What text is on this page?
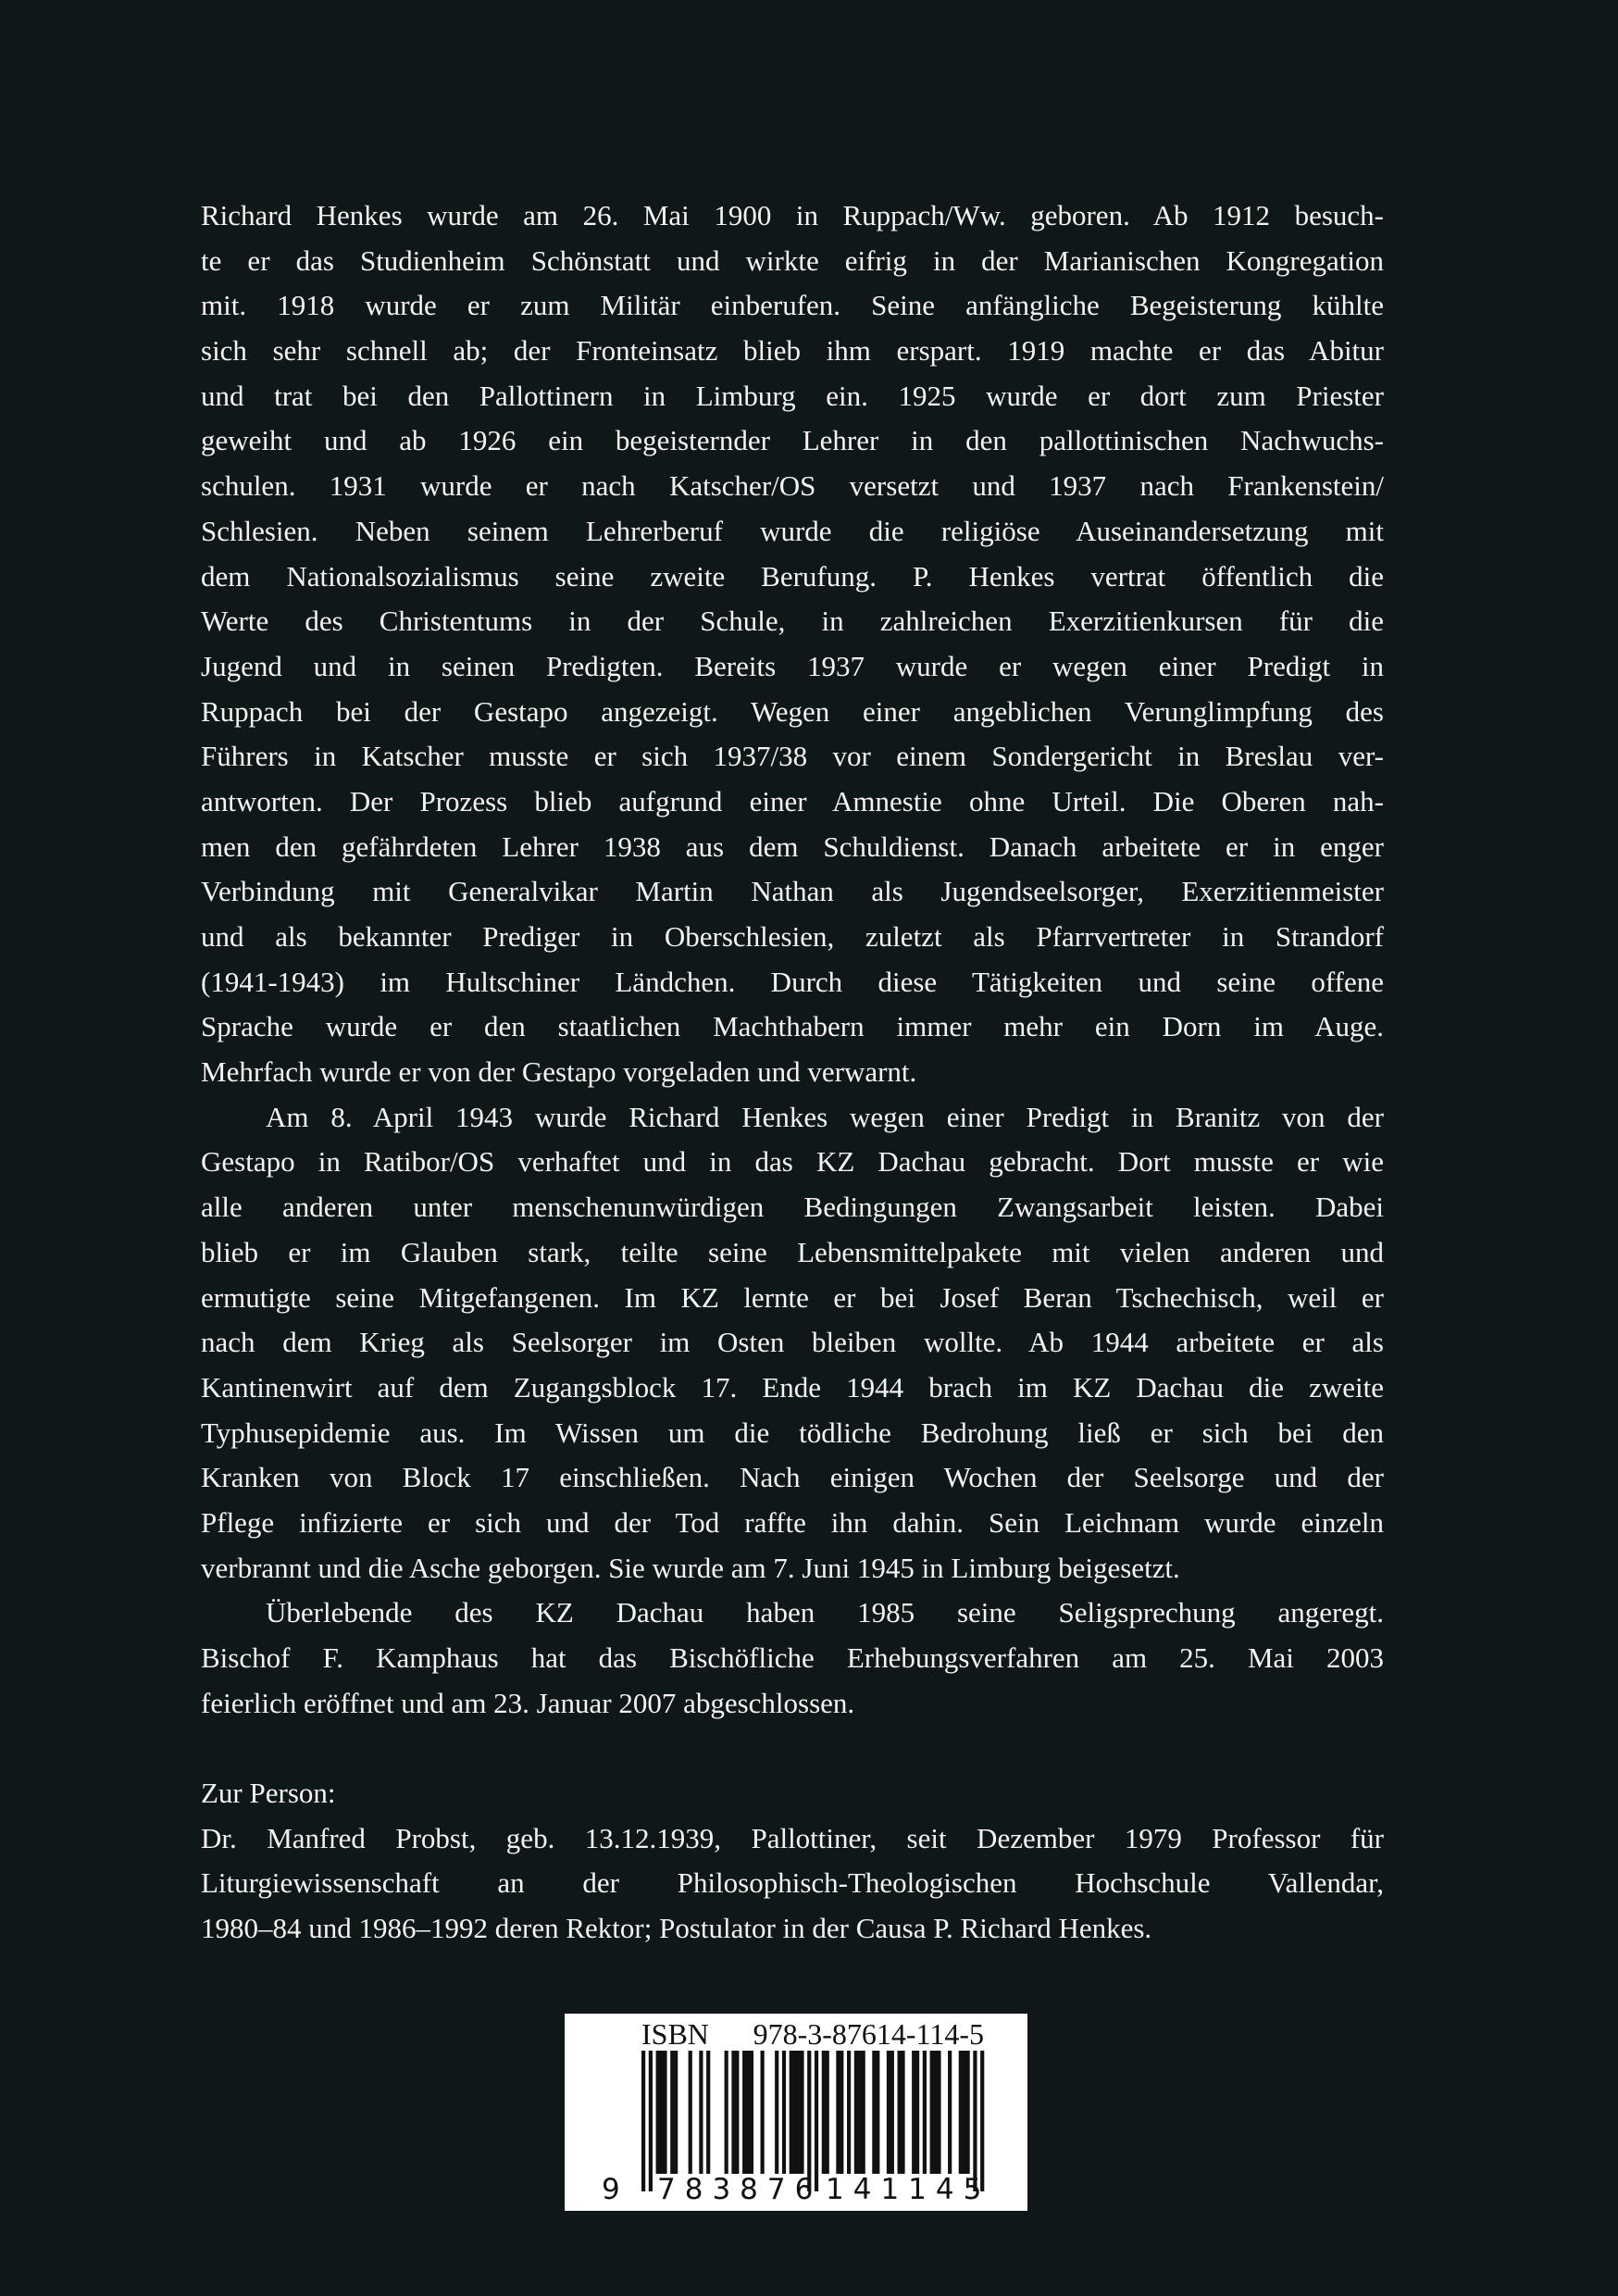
Richard Henkes wurde am 26. Mai 1900 in Ruppach/Ww. geboren. Ab 1912 besuch-
te er das Studienheim Schönstatt und wirkte eifrig in der Marianischen Kongregation
mit. 1918 wurde er zum Militär einberufen. Seine anfängliche Begeisterung kühlte
sich sehr schnell ab; der Fronteinsatz blieb ihm erspart. 1919 machte er das Abitur
und trat bei den Pallottinern in Limburg ein. 1925 wurde er dort zum Priester
geweiht und ab 1926 ein begeisternder Lehrer in den pallottinischen Nachwuchs-
schulen. 1931 wurde er nach Katscher/OS versetzt und 1937 nach Frankenstein/
Schlesien. Neben seinem Lehrerberuf wurde die religiöse Auseinandersetzung mit
dem Nationalsozialismus seine zweite Berufung. P. Henkes vertrat öffentlich die
Werte des Christentums in der Schule, in zahlreichen Exerzitienkursen für die
Jugend und in seinen Predigten. Bereits 1937 wurde er wegen einer Predigt in
Ruppach bei der Gestapo angezeigt. Wegen einer angeblichen Verunglimpfung des
Führers in Katscher musste er sich 1937/38 vor einem Sondergericht in Breslau ver-
antworten. Der Prozess blieb aufgrund einer Amnestie ohne Urteil. Die Oberen nah-
men den gefährdeten Lehrer 1938 aus dem Schuldienst. Danach arbeitete er in enger
Verbindung mit Generalvikar Martin Nathan als Jugendseelsorger, Exerzitienmeister
und als bekannter Prediger in Oberschlesien, zuletzt als Pfarrvertreter in Strandorf
(1941-1943) im Hultschiner Ländchen. Durch diese Tätigkeiten und seine offene
Sprache wurde er den staatlichen Machthabern immer mehr ein Dorn im Auge.
Mehrfach wurde er von der Gestapo vorgeladen und verwarnt.
Am 8. April 1943 wurde Richard Henkes wegen einer Predigt in Branitz von der
Gestapo in Ratibor/OS verhaftet und in das KZ Dachau gebracht. Dort musste er wie
alle anderen unter menschenunwürdigen Bedingungen Zwangsarbeit leisten. Dabei
blieb er im Glauben stark, teilte seine Lebensmittelpakete mit vielen anderen und
ermutigte seine Mitgefangenen. Im KZ lernte er bei Josef Beran Tschechisch, weil er
nach dem Krieg als Seelsorger im Osten bleiben wollte. Ab 1944 arbeitete er als
Kantinenwirt auf dem Zugangsblock 17. Ende 1944 brach im KZ Dachau die zweite
Typhusepidemie aus. Im Wissen um die tödliche Bedrohung ließ er sich bei den
Kranken von Block 17 einschließen. Nach einigen Wochen der Seelsorge und der
Pflege infizierte er sich und der Tod raffte ihn dahin. Sein Leichnam wurde einzeln
verbrannt und die Asche geborgen. Sie wurde am 7. Juni 1945 in Limburg beigesetzt.
Überlebende des KZ Dachau haben 1985 seine Seligsprechung angeregt.
Bischof F. Kamphaus hat das Bischöfliche Erhebungsverfahren am 25. Mai 2003
feierlich eröffnet und am 23. Januar 2007 abgeschlossen.
Zur Person:
Dr. Manfred Probst, geb. 13.12.1939, Pallottiner, seit Dezember 1979 Professor für
Liturgiewissenschaft an der Philosophisch-Theologischen Hochschule Vallendar,
1980–84 und 1986–1992 deren Rektor; Postulator in der Causa P. Richard Henkes.
ISBN 978-3-87614-114-5
9 783876 141145
